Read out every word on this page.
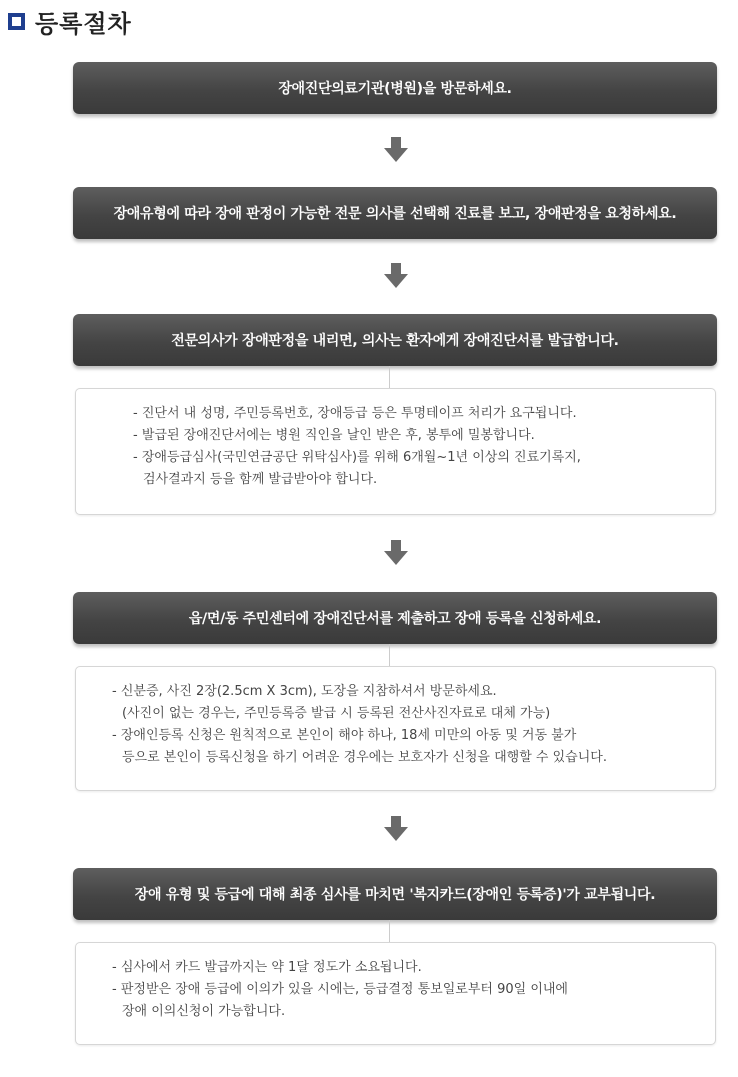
등록절차
장애진단의료기관(병원)을 방문하세요.
장애유형에 따라 장애 판정이 가능한 전문 의사를 선택해 진료를 보고, 장애판정을 요청하세요.
전문의사가 장애판정을 내리면, 의사는 환자에게 장애진단서를 발급합니다.
- 진단서 내 성명, 주민등록번호, 장애등급 등은 투명테이프 처리가 요구됩니다.
- 발급된 장애진단서에는 병원 직인을 날인 받은 후, 봉투에 밀봉합니다.
- 장애등급심사(국민연금공단 위탁심사)를 위해 6개월~1년 이상의 진료기록지,
검사결과지 등을 함께 발급받아야 합니다.
읍/면/동 주민센터에 장애진단서를 제출하고 장애 등록을 신청하세요.
- 신분증, 사진 2장(2.5cm X 3cm), 도장을 지참하셔서 방문하세요.
(사진이 없는 경우는, 주민등록증 발급 시 등록된 전산사진자료로 대체 가능)
- 장애인등록 신청은 원칙적으로 본인이 해야 하나, 18세 미만의 아동 및 거동 불가
등으로 본인이 등록신청을 하기 어려운 경우에는 보호자가 신청을 대행할 수 있습니다.
장애 유형 및 등급에 대해 최종 심사를 마치면 '복지카드(장애인 등록증)'가 교부됩니다.
- 심사에서 카드 발급까지는 약 1달 정도가 소요됩니다.
- 판정받은 장애 등급에 이의가 있을 시에는, 등급결정 통보일로부터 90일 이내에
장애 이의신청이 가능합니다.
